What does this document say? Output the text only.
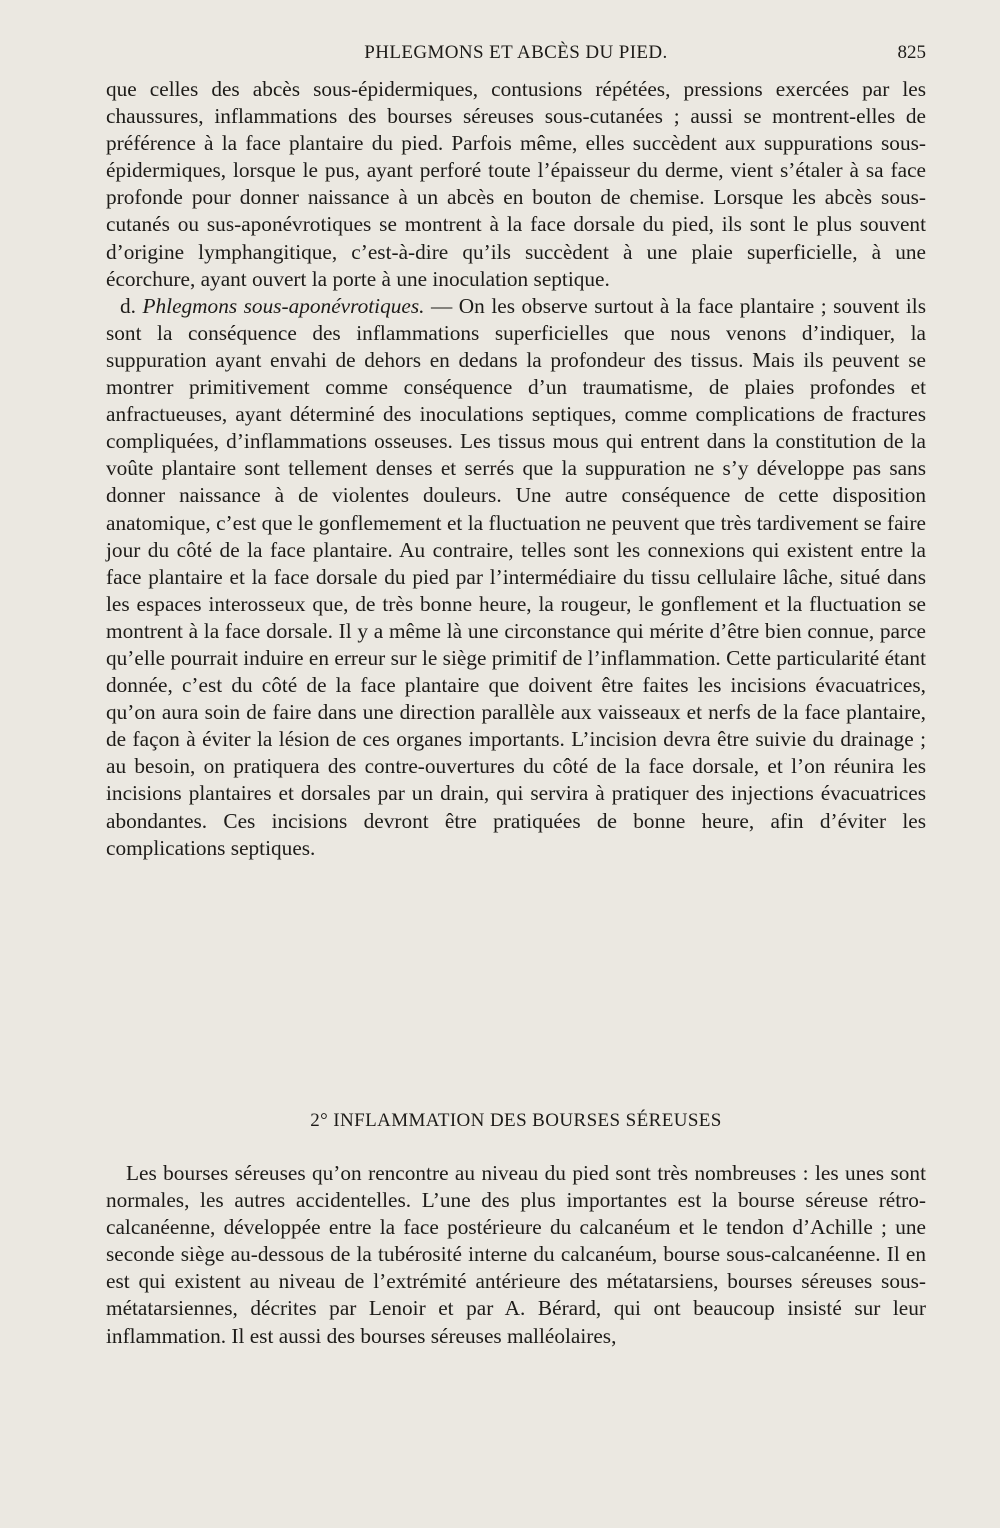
PHLEGMONS ET ABCÈS DU PIED.	825

que celles des abcès sous-épidermiques, contusions répétées, pressions exercées par les chaussures, inflammations des bourses séreuses sous-cutanées ; aussi se montrent-elles de préférence à la face plantaire du pied. Parfois même, elles succèdent aux suppurations sous-épidermiques, lorsque le pus, ayant perforé toute l’épaisseur du derme, vient s’étaler à sa face profonde pour donner naissance à un abcès en bouton de chemise. Lorsque les abcès sous-cutanés ou sus-aponévrotiques se montrent à la face dorsale du pied, ils sont le plus souvent d’origine lymphangitique, c’est-à-dire qu’ils succèdent à une plaie superficielle, à une écorchure, ayant ouvert la porte à une inoculation septique.

d. Phlegmons sous-aponévrotiques. — On les observe surtout à la face plantaire ; souvent ils sont la conséquence des inflammations superficielles que nous venons d’indiquer, la suppuration ayant envahi de dehors en dedans la profondeur des tissus. Mais ils peuvent se montrer primitivement comme conséquence d’un traumatisme, de plaies profondes et anfractueuses, ayant déterminé des inoculations septiques, comme complications de fractures compliquées, d’inflammations osseuses. Les tissus mous qui entrent dans la constitution de la voûte plantaire sont tellement denses et serrés que la suppuration ne s’y développe pas sans donner naissance à de violentes douleurs. Une autre conséquence de cette disposition anatomique, c’est que le gonflemement et la fluctuation ne peuvent que très tardivement se faire jour du côté de la face plantaire. Au contraire, telles sont les connexions qui existent entre la face plantaire et la face dorsale du pied par l’intermédiaire du tissu cellulaire lâche, situé dans les espaces interosseux que, de très bonne heure, la rougeur, le gonflement et la fluctuation se montrent à la face dorsale. Il y a même là une circonstance qui mérite d’être bien connue, parce qu’elle pourrait induire en erreur sur le siège primitif de l’inflammation. Cette particularité étant donnée, c’est du côté de la face plantaire que doivent être faites les incisions évacuatrices, qu’on aura soin de faire dans une direction parallèle aux vaisseaux et nerfs de la face plantaire, de façon à éviter la lésion de ces organes importants. L’incision devra être suivie du drainage ; au besoin, on pratiquera des contre-ouvertures du côté de la face dorsale, et l’on réunira les incisions plantaires et dorsales par un drain, qui servira à pratiquer des injections évacuatrices abondantes. Ces incisions devront être pratiquées de bonne heure, afin d’éviter les complications septiques.

2° INFLAMMATION DES BOURSES SÉREUSES

Les bourses séreuses qu’on rencontre au niveau du pied sont très nombreuses : les unes sont normales, les autres accidentelles. L’une des plus importantes est la bourse séreuse rétro-calcanéenne, développée entre la face postérieure du calcanéum et le tendon d’Achille ; une seconde siège au-dessous de la tubérosité interne du calcanéum, bourse sous-calcanéenne. Il en est qui existent au niveau de l’extrémité antérieure des métatarsiens, bourses séreuses sous-métatarsiennes, décrites par Lenoir et par A. Bérard, qui ont beaucoup insisté sur leur inflammation. Il est aussi des bourses séreuses malléolaires,
